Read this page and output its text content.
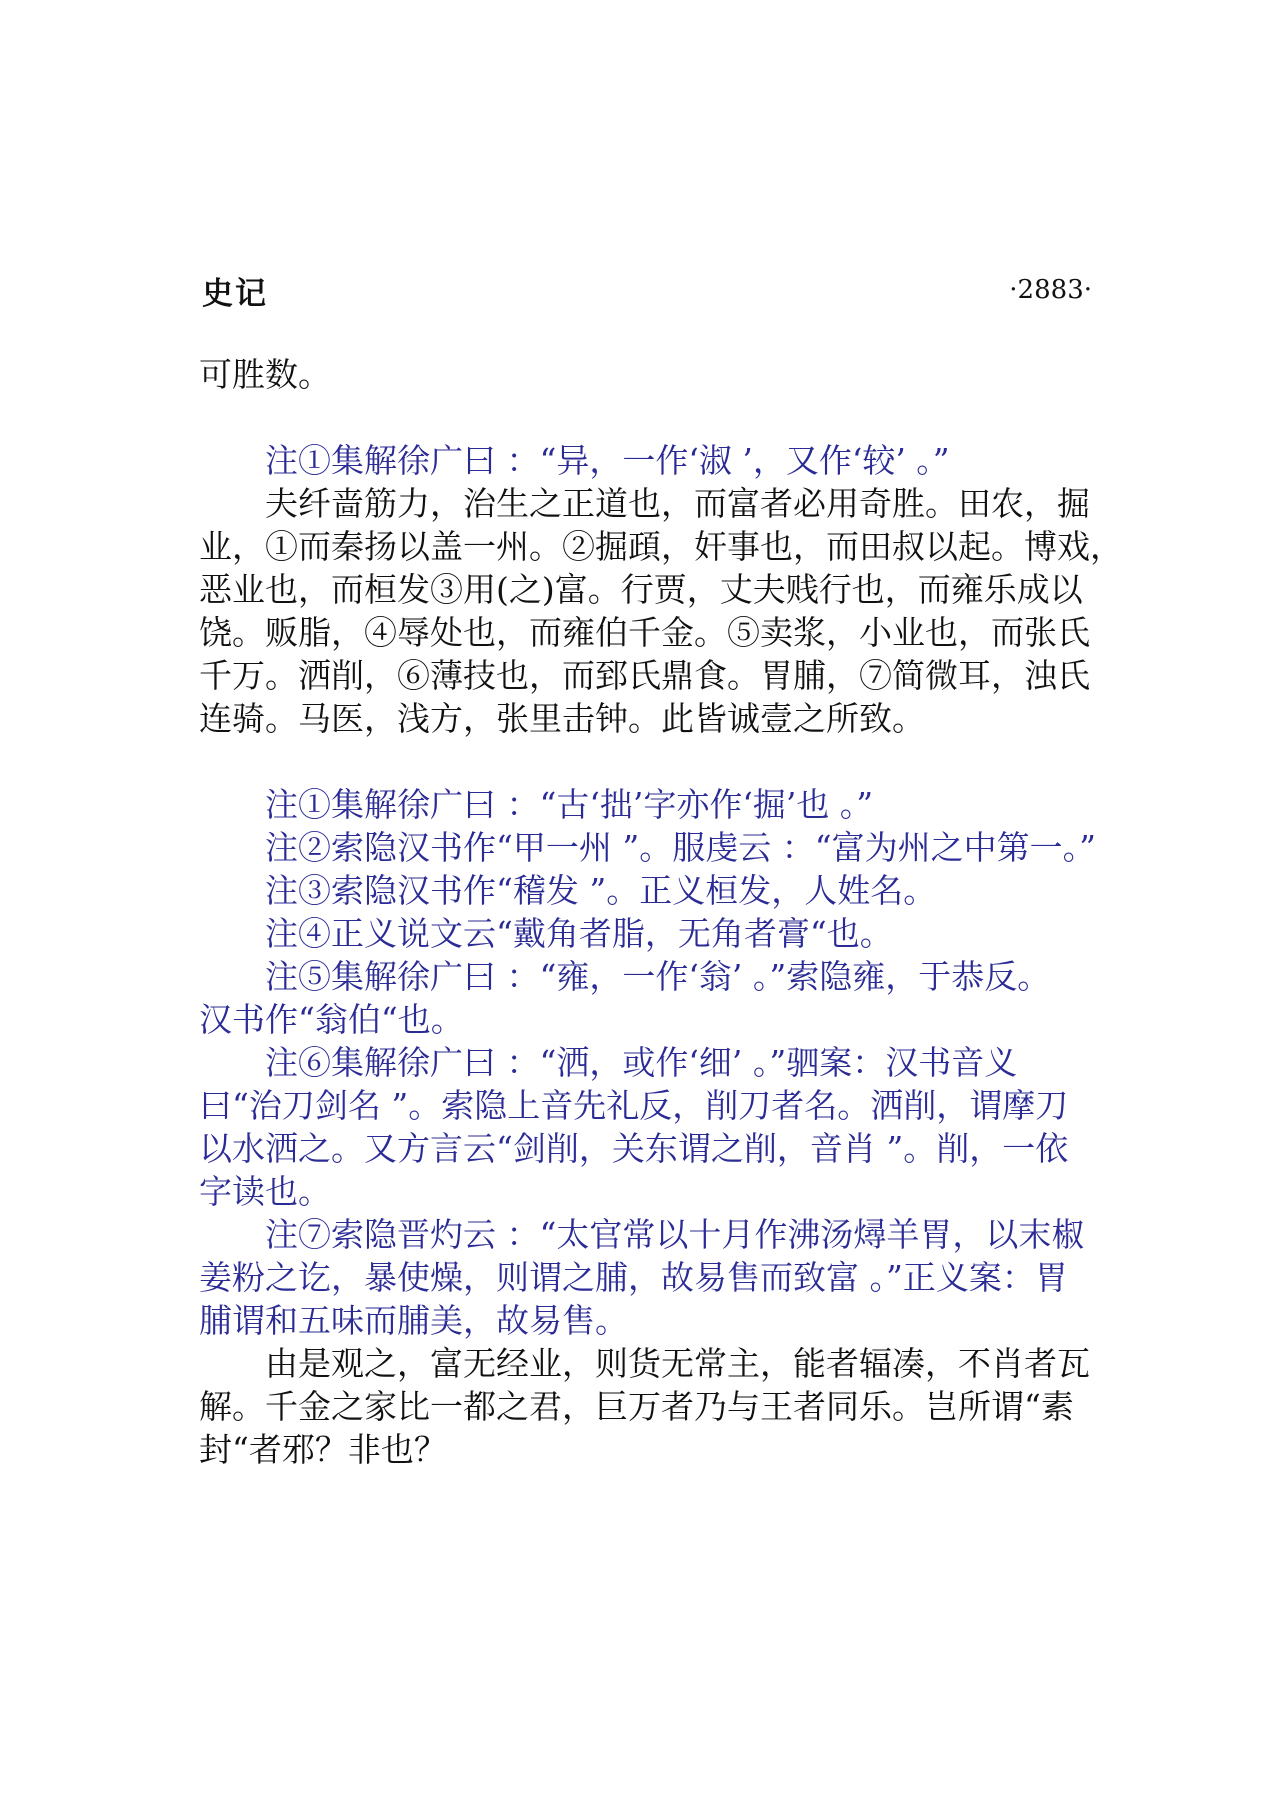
史记	·2883·
可胜数。
注①集解徐广曰 ：“异，一作‘淑 ’，又作‘较’ 。”
夫纤啬筋力，治生之正道也，而富者必用奇胜。田农，掘
业，①而秦扬以盖一州。②掘頙，奸事也，而田叔以起。博戏，
恶业也，而桓发③用(之)富。行贾，丈夫贱行也，而雍乐成以
饶。贩脂，④辱处也，而雍伯千金。⑤卖浆，小业也，而张氏
千万。洒削，⑥薄技也，而郅氏鼎食。胃脯，⑦简微耳，浊氏
连骑。马医，浅方，张里击钟。此皆诚壹之所致。
注①集解徐广曰 ：“古‘拙’字亦作‘掘’也 。”
注②索隐汉书作“甲一州 ”。服虔云 ：“富为州之中第一。”
注③索隐汉书作“稽发 ”。正义桓发，人姓名。
注④正义说文云“戴角者脂，无角者膏“也。
注⑤集解徐广曰 ：“雍，一作‘翁’ 。”索隐雍，于恭反。
汉书作“翁伯“也。
注⑥集解徐广曰 ：“洒，或作‘细’ 。”驷案：汉书音义
曰“治刀剑名 ”。索隐上音先礼反，削刀者名。洒削，谓摩刀
以水洒之。又方言云“剑削，关东谓之削，音肖 ”。削，一依
字读也。
注⑦索隐晋灼云 ：“太官常以十月作沸汤燖羊胃，以末椒
姜粉之讫，暴使燥，则谓之脯，故易售而致富 。”正义案：胃
脯谓和五味而脯美，故易售。
由是观之，富无经业，则货无常主，能者辐凑，不肖者瓦
解。千金之家比一都之君，巨万者乃与王者同乐。岂所谓“素
封“者邪？非也？
